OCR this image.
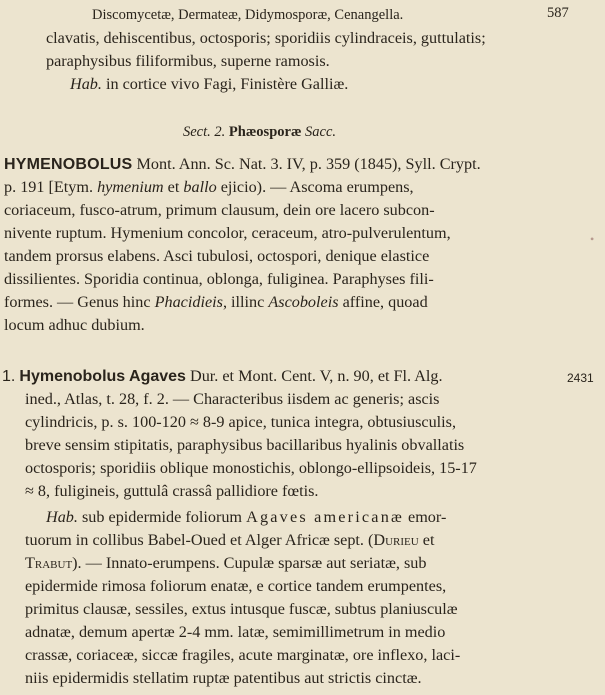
Discomycetæ, Dermateæ, Didymosporæ, Cenangella.	587
clavatis, dehiscentibus, octosporis; sporidiis cylindraceis, guttulatis;
paraphysibus filiformibus, superne ramosis.
Hab. in cortice vivo Fagi, Finistère Galliæ.
Sect. 2. Phæosporæ Sacc.
HYMENOBOLUS Mont. Ann. Sc. Nat. 3. IV, p. 359 (1845), Syll. Crypt.
p. 191 [Etym. hymenium et ballo ejicio). — Ascoma erumpens,
coriaceum, fusco-atrum, primum clausum, dein ore lacero subcon-
nivente ruptum. Hymenium concolor, ceraceum, atro-pulverulentum,	•
tandem prorsus elabens. Asci tubulosi, octospori, denique elastice
dissilientes. Sporidia continua, oblonga, fuliginea. Paraphyses fili-
formes. — Genus hinc Phacidieis, illinc Ascoboleis affine, quoad
locum adhuc dubium.
1. Hymenobolus Agaves Dur. et Mont. Cent. V, n. 90, et Fl. Alg.	2431
ined., Atlas, t. 28, f. 2. — Characteribus iisdem ac generis; ascis
cylindricis, p. s. 100-120 ≈ 8-9 apice, tunica integra, obtusiusculis,
breve sensim stipitatis, paraphysibus bacillaribus hyalinis obvallatis
octosporis; sporidiis oblique monostichis, oblongo-ellipsoideis, 15-17
≈ 8, fuligineis, guttulâ crassâ pallidiore fœtis.
Hab. sub epidermide foliorum Agaves americanæ emor-
tuorum in collibus Babel-Oued et Alger Africæ sept. (Durieu et
Trabut). — Innato-erumpens. Cupulæ sparsæ aut seriatæ, sub
epidermide rimosa foliorum enatæ, e cortice tandem erumpentes,
primitus clausæ, sessiles, extus intusque fuscæ, subtus planiusculæ
adnatæ, demum apertæ 2-4 mm. latæ, semimillimetrum in medio
crassæ, coriaceæ, siccæ fragiles, acute marginatæ, ore inflexo, laci-
niis epidermidis stellatim ruptæ patentibus aut strictis cinctæ.
